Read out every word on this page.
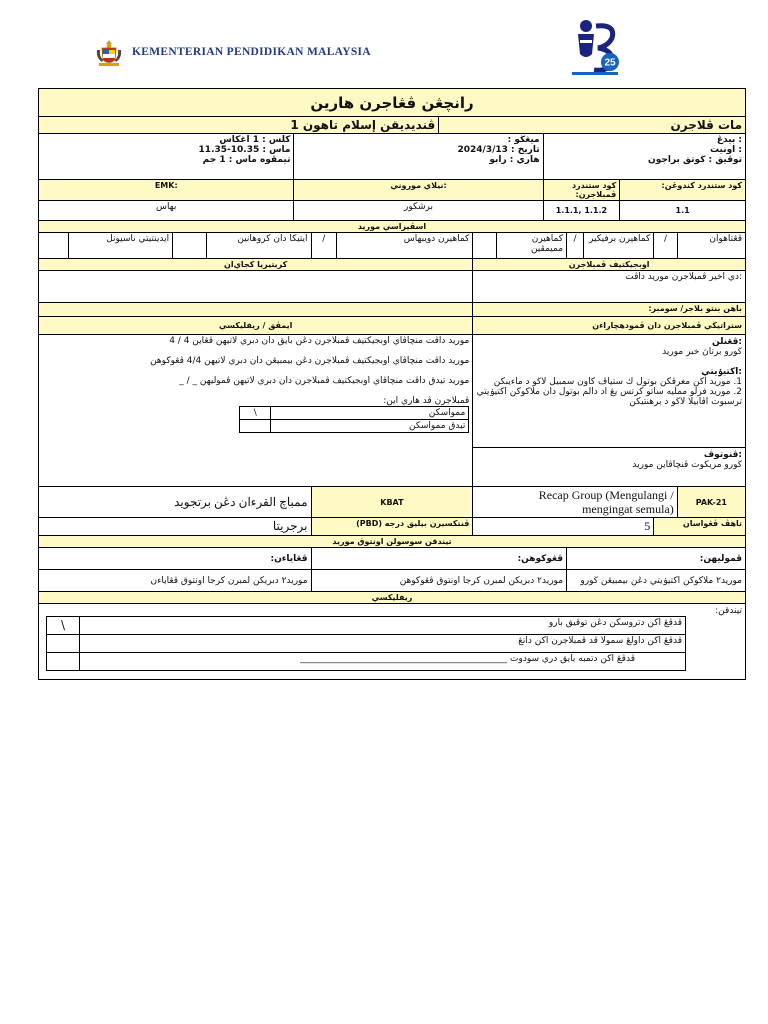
KEMENTERIAN PENDIDIKAN MALAYSIA
25
رانچڠن ڤڠاجرن هارين
ڤنديديقن إسلام تاهون 1	مات ڤلاجرن

كلس : 1 اغكاس
ماس : 10.35-11.35
تيمڤوه ماس : 1 جم

ميڠڬو :
تاريخ : 2024/3/13
هاري : رابو

: بيدڠ
: اونيت
توڤيق : ڬوتق براجون

EMK:	نيلاي موروني:	كود ستندرد ڤمبلاجرن:	كود ستندرد كندوڠن:
بهاس	برشكور	1.1.1, 1.1.2	1.1
اسڤيراسي موريد
	ايدينتيتي ناسيونل		ايتيكا دان كروهانين	/	كماهيرن دويبهاس		كماهيرن مميمڤين	/	كماهيرن برفيكير	/	ڤڠتاهوان
كريتيريا كجاي‌ان	اوبجيكتيف ڤمبلاجرن
	:دي اخير ڤمبلاجرن موريد داڤت
	باهن بنتو بلاجر/ سومبر:
ايمڤق / ريفليكسي	ستراتيڬي ڤمبلاجرن دان ڤمودهچاراءن

موريد داڤت منچاڤاي اوبجيكتيف ڤمبلاجرن دڠن بايق دان دبري لاتيهن ڤڠاين 4 / 4
موريد داڤت منچاڤاي اوبجيكتيف ڤمبلاجرن دڠن بيمبيڠن دان دبري لاتيهن 4/4 ڤڠوكوهن
موريد تيدق داڤت منچاڤاي اوبجيكتيف ڤمبلاجرن دان دبري لاتيهن ڤموليهن _ / _
ڤمبلاجرن ڤد هاري اين:
ممواسكن	\
تيدق ممواسكن	

:ڤڠنلن
ڬورو برتاڽ خبر موريد
:اكتيۏيتي
1. موريد اكن مغرڤكن بوتول ك ستياڤ كاون سمبيل لاڬو د ماءينكن
2. موريد فرلو ممليه ساتو كرتس يڠ اد دالم بوتول دان ملاكوكن اكتيۏيتي ترسبوت اڤابيلا لاڬو د برهنتيكن
:ڤنوتوڤ
ڬورو مريكوت ڤنچاڤاين موريد

ممباچ القرءان دڠن برتجويد	KBAT	Recap Group (Mengulangi /
mengingat semula)	PAK-21
برجريتا	ڤنتكسيرن بيليق درجه (PBD)	5	تاهڤ ڤڠواسان
تيندقن سوسولن اونتوق موريد
ڤڠاياءن:	ڤڠوكوهن:	ڤموليهن:
موريد٢ دبريكن لمبرن كرجا اونتوق ڤڠاياءن	موريد٢ دبريكن لمبرن كرجا اونتوق ڤڠوكوهن	موريد٢ ملاكوكن اكتيۏيتي دڠن بيمبيڠن ڬورو
ريفليكسي

تيندقن:
\	ڤدڤڠ اكن دتروسكن دڠن توڤيق بارو
	ڤدڤڠ اكن داولڠ سمولا ڤد ڤمبلاجرن اكن داتڠ
	ڤدڤڠ اكن دتمبه بايق دري سودوت ______________________________________________
